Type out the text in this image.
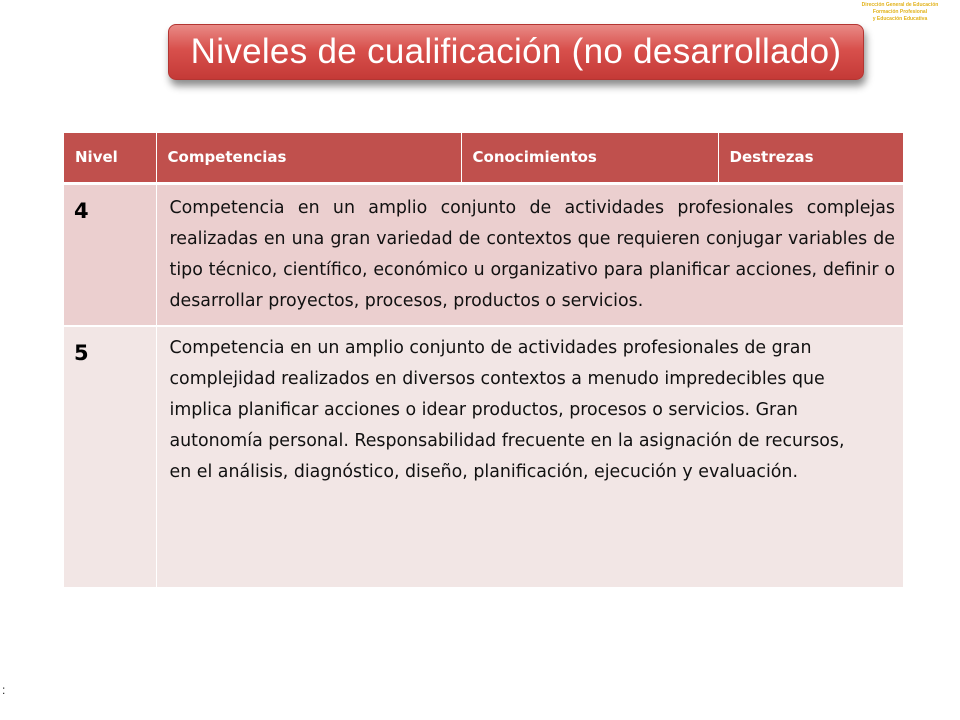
Dirección General de Educación
Formación Profesional
y Educación Educativa
Niveles de cualificación (no desarrollado)
Nivel	Competencias	Conocimientos	Destrezas
4	Competencia en un amplio conjunto de actividades profesionales complejas realizadas en una gran variedad de contextos que requieren conjugar variables de tipo técnico, científico, económico u organizativo para planificar acciones, definir o desarrollar proyectos, procesos, productos o servicios.		
5	Competencia en un amplio conjunto de actividades profesionales de gran complejidad realizados en diversos contextos a menudo impredecibles que implica planificar acciones o idear productos, procesos o servicios. Gran autonomía personal. Responsabilidad frecuente en la asignación de recursos, en el análisis, diagnóstico, diseño, planificación, ejecución y evaluación.		
:
